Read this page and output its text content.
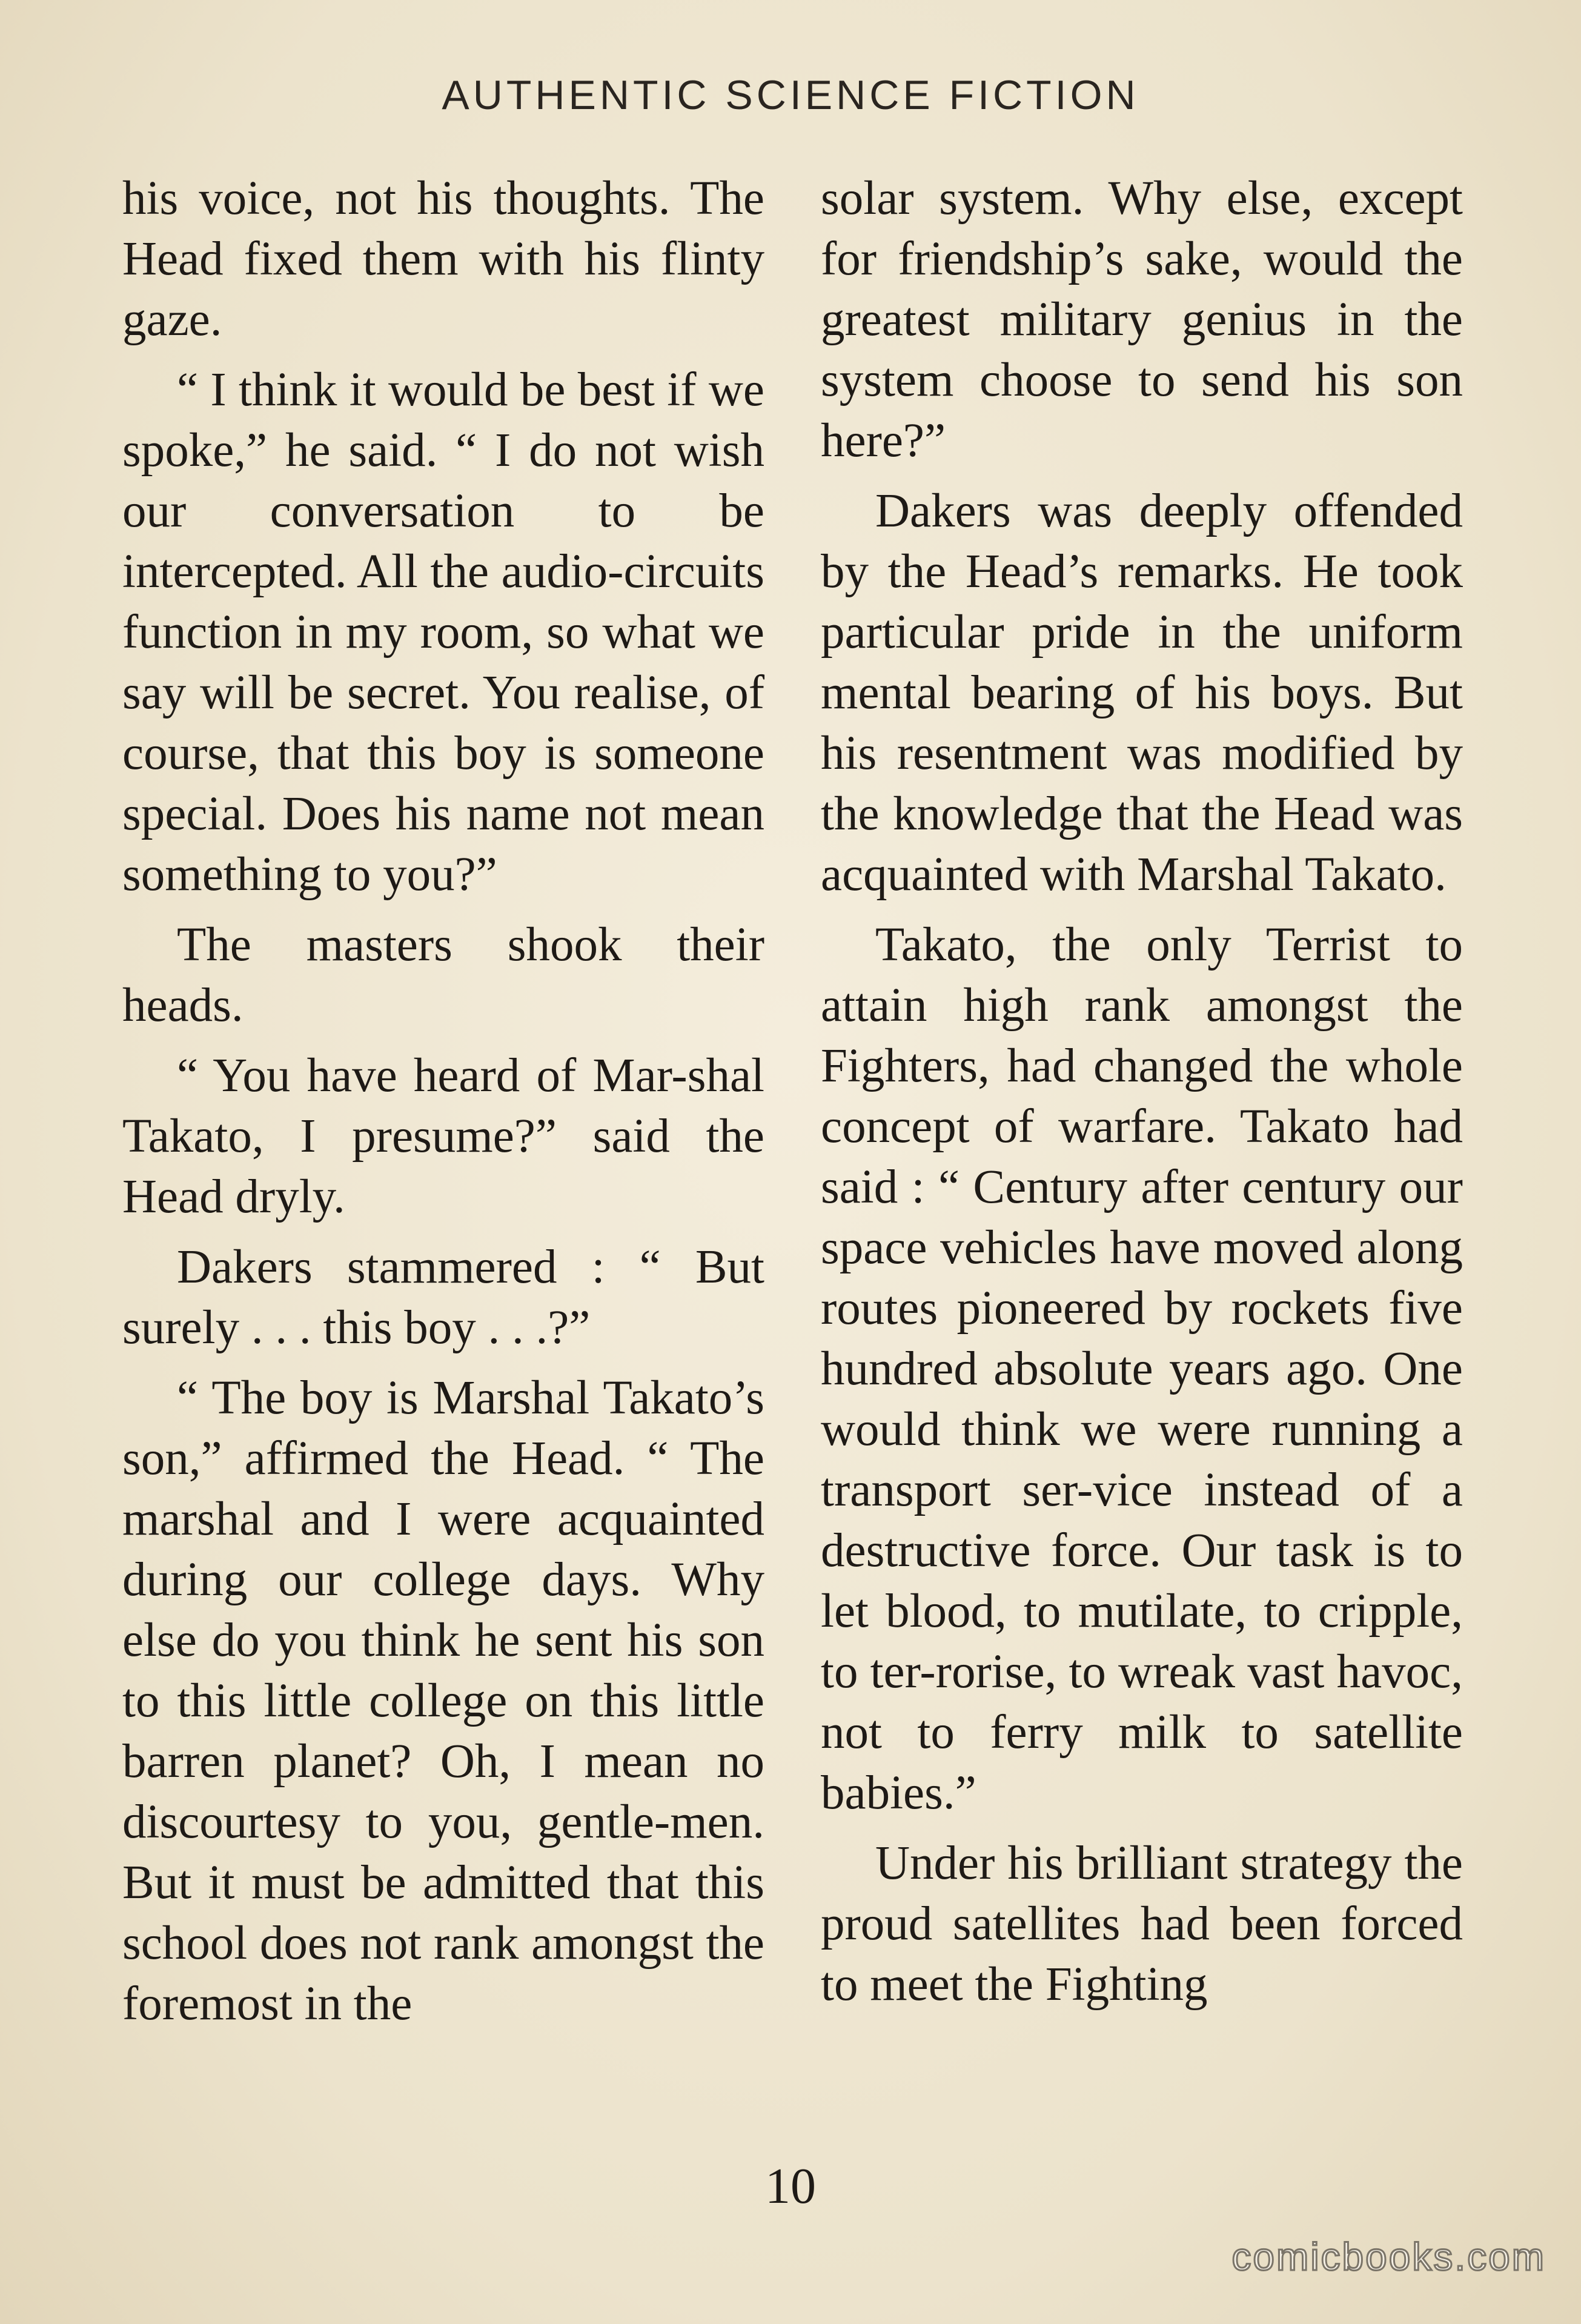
AUTHENTIC SCIENCE FICTION

his voice, not his thoughts. The Head fixed them with his flinty gaze.

“ I think it would be best if we spoke,” he said. “ I do not wish our conversation to be intercepted. All the audio-circuits function in my room, so what we say will be secret. You realise, of course, that this boy is someone special. Does his name not mean something to you?”

The masters shook their heads.

“ You have heard of Mar-shal Takato, I presume?” said the Head dryly.

Dakers stammered : “ But surely . . . this boy . . .?”

“ The boy is Marshal Takato’s son,” affirmed the Head. “ The marshal and I were acquainted during our college days. Why else do you think he sent his son to this little college on this little barren planet? Oh, I mean no discourtesy to you, gentle-men. But it must be admitted that this school does not rank amongst the foremost in the

solar system. Why else, except for friendship’s sake, would the greatest military genius in the system choose to send his son here?”

Dakers was deeply offended by the Head’s remarks. He took particular pride in the uniform mental bearing of his boys. But his resentment was modified by the knowledge that the Head was acquainted with Marshal Takato.

Takato, the only Terrist to attain high rank amongst the Fighters, had changed the whole concept of warfare. Takato had said : “ Century after century our space vehicles have moved along routes pioneered by rockets five hundred absolute years ago. One would think we were running a transport ser-vice instead of a destructive force. Our task is to let blood, to mutilate, to cripple, to ter-rorise, to wreak vast havoc, not to ferry milk to satellite babies.”

Under his brilliant strategy the proud satellites had been forced to meet the Fighting

10
comicbooks.com
